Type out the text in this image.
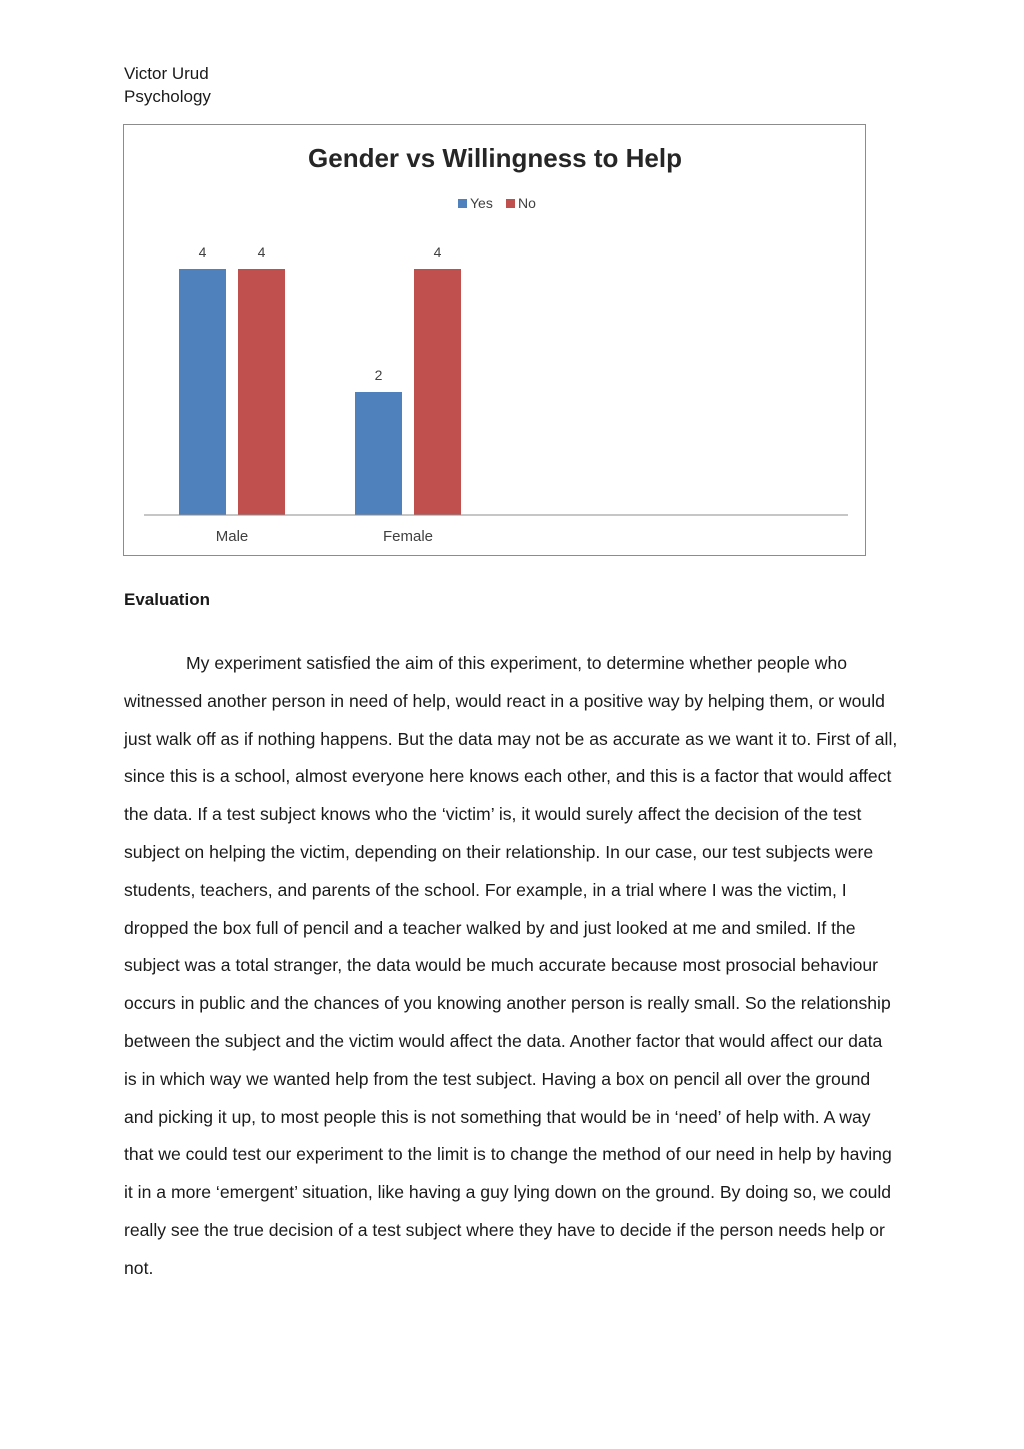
Victor Urud
Psychology
Gender vs Willingness to Help
Yes No
4	4
2
4
Male	Female
Evaluation

My experiment satisfied the aim of this experiment, to determine whether people who witnessed another person in need of help, would react in a positive way by helping them, or would just walk off as if nothing happens. But the data may not be as accurate as we want it to. First of all, since this is a school, almost everyone here knows each other, and this is a factor that would affect the data. If a test subject knows who the ‘victim’ is, it would surely affect the decision of the test subject on helping the victim, depending on their relationship. In our case, our test subjects were students, teachers, and parents of the school. For example, in a trial where I was the victim, I dropped the box full of pencil and a teacher walked by and just looked at me and smiled. If the subject was a total stranger, the data would be much accurate because most prosocial behaviour occurs in public and the chances of you knowing another person is really small. So the relationship between the subject and the victim would affect the data. Another factor that would affect our data is in which way we wanted help from the test subject. Having a box on pencil all over the ground and picking it up, to most people this is not something that would be in ‘need’ of help with. A way that we could test our experiment to the limit is to change the method of our need in help by having it in a more ‘emergent’ situation, like having a guy lying down on the ground. By doing so, we could really see the true decision of a test subject where they have to decide if the person needs help or not.
